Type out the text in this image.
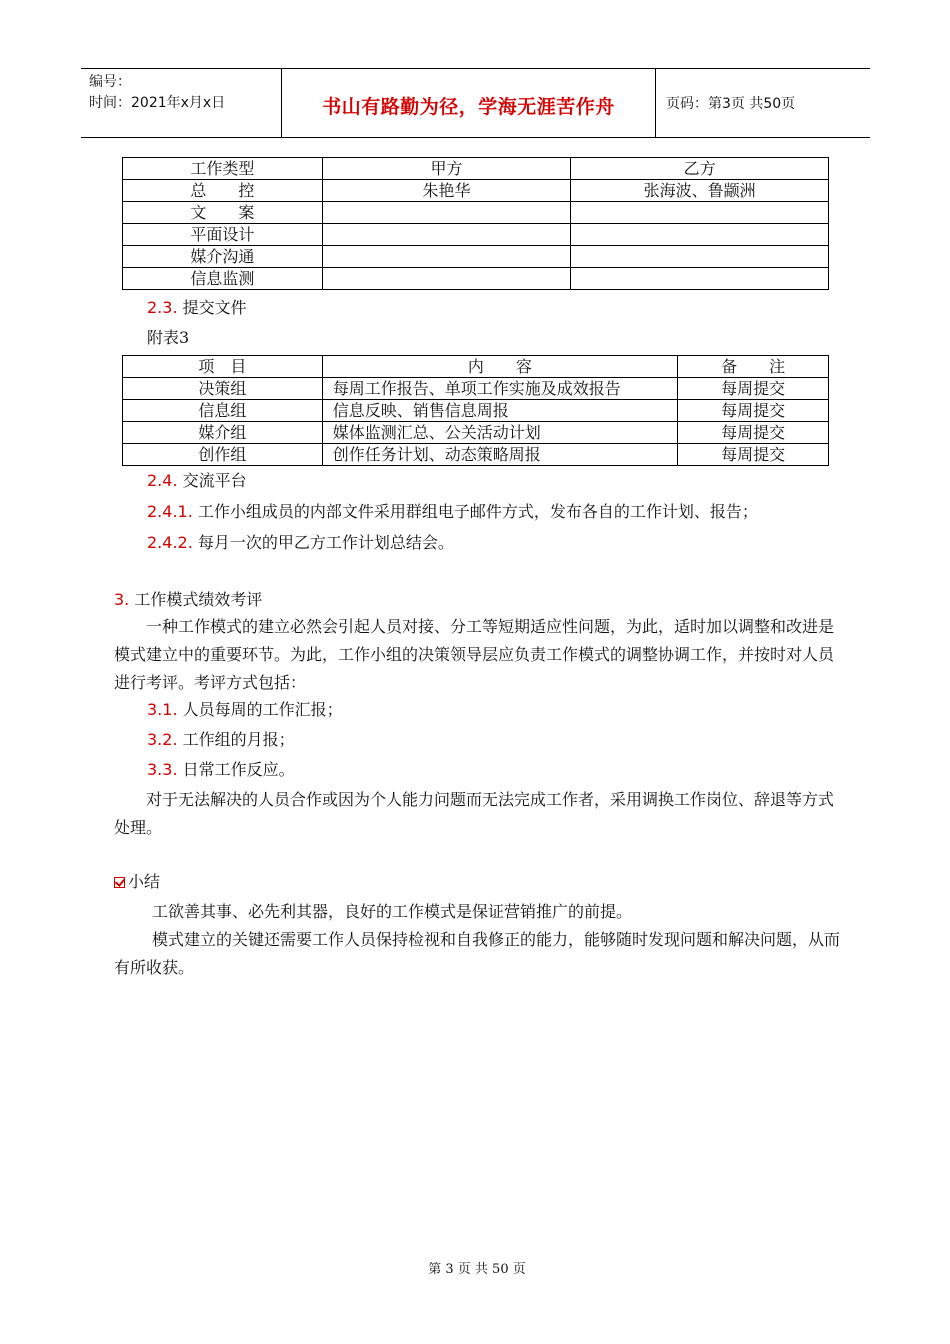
编号：
时间：2021年x月x日	书山有路勤为径，学海无涯苦作舟	页码：第3页 共50页
工作类型	甲方	乙方
总　　控	朱艳华	张海波、鲁颛洲
文　　案		
平面设计		
媒介沟通		
信息监测		
2.3. 提交文件
附表3
项　目	内　　容	备　　注
决策组	每周工作报告、单项工作实施及成效报告	每周提交
信息组	信息反映、销售信息周报	每周提交
媒介组	媒体监测汇总、公关活动计划	每周提交
创作组	创作任务计划、动态策略周报	每周提交
2.4. 交流平台
2.4.1. 工作小组成员的内部文件采用群组电子邮件方式，发布各自的工作计划、报告；
2.4.2. 每月一次的甲乙方工作计划总结会。
3. 工作模式绩效考评
一种工作模式的建立必然会引起人员对接、分工等短期适应性问题，为此，适时加以调整和改进是模式建立中的重要环节。为此，工作小组的决策领导层应负责工作模式的调整协调工作，并按时对人员进行考评。考评方式包括：
3.1. 人员每周的工作汇报；
3.2. 工作组的月报；
3.3. 日常工作反应。
对于无法解决的人员合作或因为个人能力问题而无法完成工作者，采用调换工作岗位、辞退等方式处理。
小结
工欲善其事、必先利其器，良好的工作模式是保证营销推广的前提。
模式建立的关键还需要工作人员保持检视和自我修正的能力，能够随时发现问题和解决问题，从而有所收获。
第 3 页 共 50 页
